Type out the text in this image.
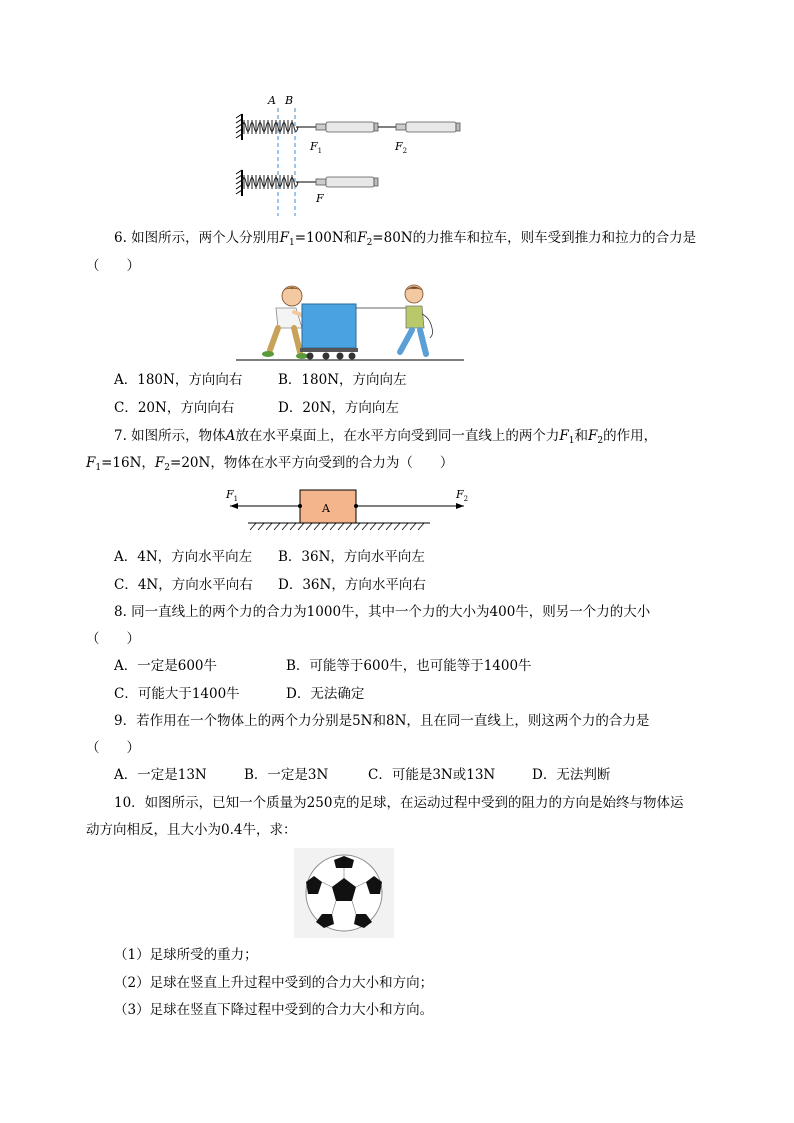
A B
$F_1$	$F_2$
F
6. 如图所示，两个人分别用$F_1=100N$和$F_2=80N$的力推车和拉车，则车受到推力和拉力的合力是
（　　）
A．180N，方向向右	B．180N，方向向左
C．20N，方向向右	D．20N，方向向左
7. 如图所示，物体A放在水平桌面上，在水平方向受到同一直线上的两个力$F_1$和$F_2$的作用，
$F_1=16N$，$F_2=20N$，物体在水平方向受到的合力为（　　）
$F_1$	$F_2$
A
A．4N，方向水平向左 B．36N，方向水平向左
C．4N，方向水平向右 D．36N，方向水平向右
8. 同一直线上的两个力的合力为1000牛，其中一个力的大小为400牛，则另一个力的大小
（　　）
A．一定是600牛	B．可能等于600牛，也可能等于1400牛
C．可能大于1400牛	D．无法确定
9．若作用在一个物体上的两个力分别是5N和8N，且在同一直线上，则这两个力的合力是
（　　）
A．一定是13N	B．一定是3N	C．可能是3N或13N	D．无法判断
10．如图所示，已知一个质量为250克的足球，在运动过程中受到的阻力的方向是始终与物体运
动方向相反，且大小为0.4牛，求：
（1）足球所受的重力；
（2）足球在竖直上升过程中受到的合力大小和方向；
（3）足球在竖直下降过程中受到的合力大小和方向。
